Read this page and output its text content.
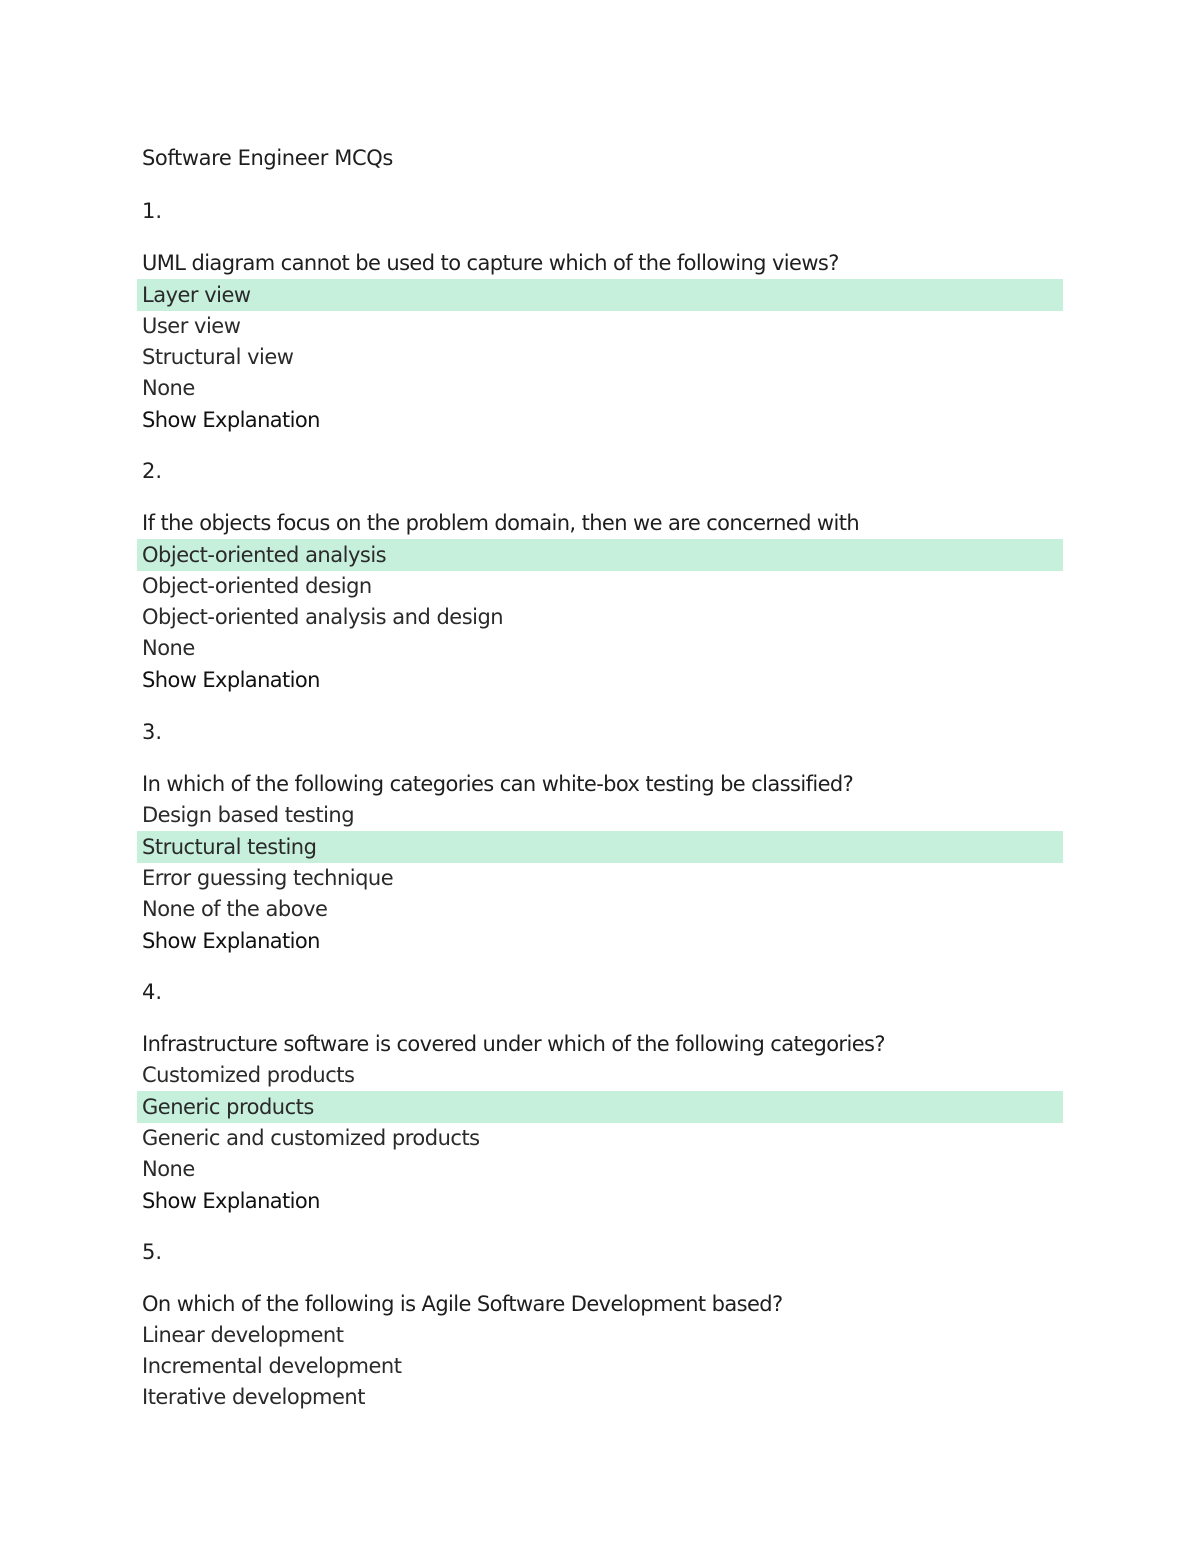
Software Engineer MCQs
1.
UML diagram cannot be used to capture which of the following views?
Layer view
User view
Structural view
None
Show Explanation
2.
If the objects focus on the problem domain, then we are concerned with
Object-oriented analysis
Object-oriented design
Object-oriented analysis and design
None
Show Explanation
3.
In which of the following categories can white-box testing be classified?
Design based testing
Structural testing
Error guessing technique
None of the above
Show Explanation
4.
Infrastructure software is covered under which of the following categories?
Customized products
Generic products
Generic and customized products
None
Show Explanation
5.
On which of the following is Agile Software Development based?
Linear development
Incremental development
Iterative development
